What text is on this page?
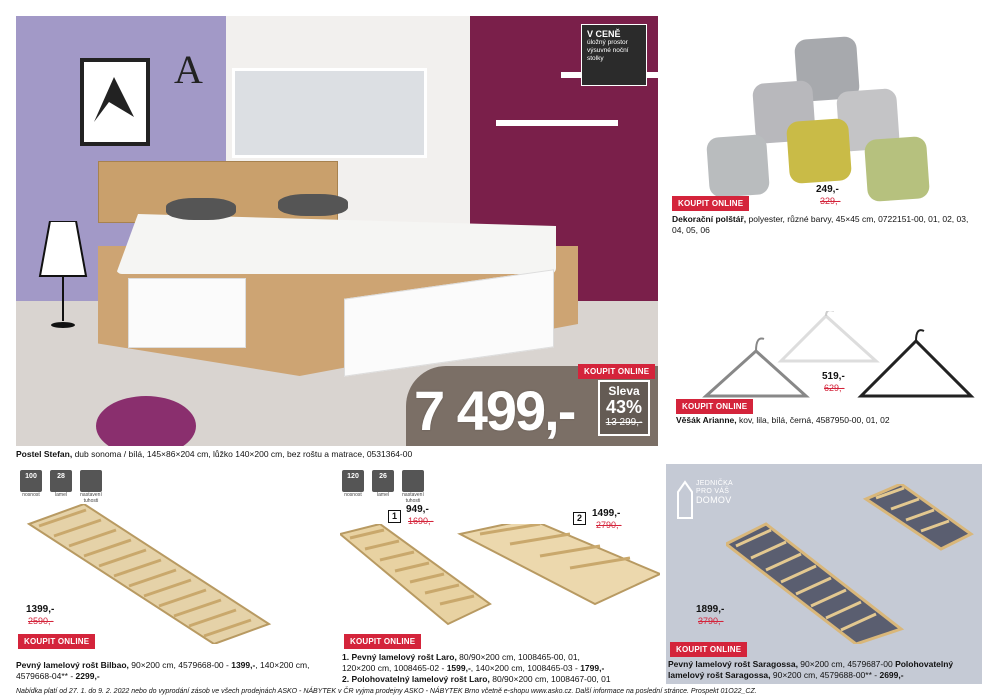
A
V CENĚ
úložný prostor výsuvné noční stolky
KOUPIT ONLINE
7 499,-	Sleva
43%
13 299,-
Postel Stefan, dub sonoma / bílá, 145×86×204 cm, lůžko 140×200 cm, bez roštu a matrace, 0531364-00
KOUPIT ONLINE
249,-
329,-
Dekorační polštář, polyester, různé barvy, 45×45 cm, 0722151-00, 01, 02, 03, 04, 05, 06
519,-
629,-
KOUPIT ONLINE
Věšák Arianne, kov, lila, bílá, černá, 4587950-00, 01, 02
100
nosnost
28
lamel	nastavení tuhosti
1399,-
2590,-
KOUPIT ONLINE
Pevný lamelový rošt Bilbao, 90×200 cm, 4579668-00 - 1399,-, 140×200 cm, 4579668-04** - 2299,-
120
nosnost
26
lamel	nastavení tuhosti
1
949,-
1690,-	2	1499,-
2790,-
KOUPIT ONLINE
1. Pevný lamelový rošt Laro, 80/90×200 cm, 1008465-00, 01,
120×200 cm, 1008465-02 - 1599,-, 140×200 cm, 1008465-03 - 1799,-
2. Polohovatelný lamelový rošt Laro, 80/90×200 cm, 1008467-00, 01
JEDNIČKA
PRO VÁŠ
DOMOV
1899,-
3790,-
KOUPIT ONLINE
Pevný lamelový rošt Saragossa, 90×200 cm, 4579687-00 Polohovatelný lamelový rošt Saragossa, 90×200 cm, 4579688-00** - 2699,-
Nabídka platí od 27. 1. do 9. 2. 2022 nebo do vyprodání zásob ve všech prodejnách ASKO - NÁBYTEK v ČR vyjma prodejny ASKO - NÁBYTEK Brno včetně e-shopu www.asko.cz. Další informace na poslední stránce. Prospekt 01O22_CZ.
